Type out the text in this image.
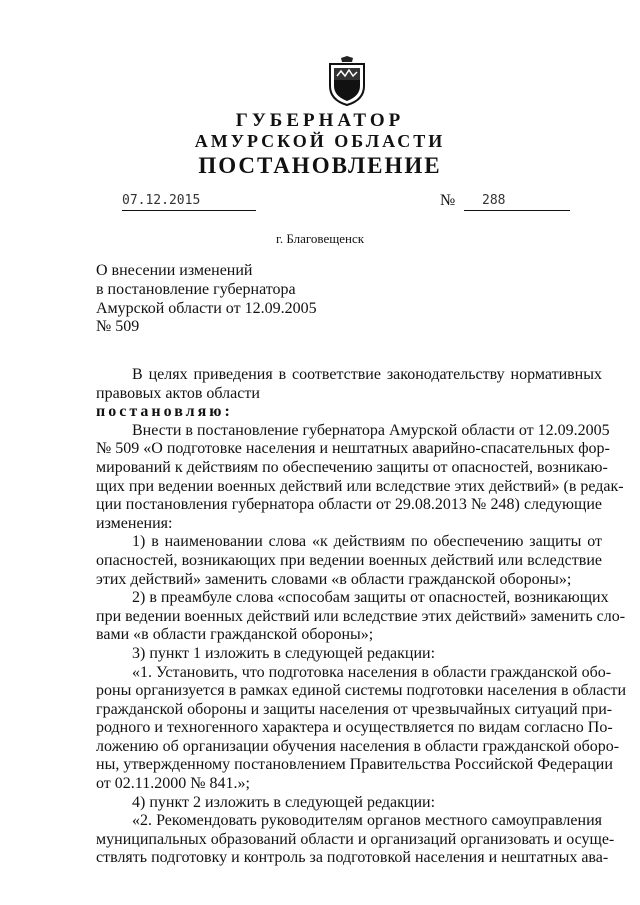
ГУБЕРНАТОР
АМУРСКОЙ ОБЛАСТИ
ПОСТАНОВЛЕНИЕ
07.12.2015	№	288
г. Благовещенск
О внесении изменений
в постановление губернатора
Амурской области от 12.09.2005
№ 509
В целях приведения в соответствие законодательству нормативных
правовых актов области
постановляю:
Внести в постановление губернатора Амурской области от 12.09.2005
№ 509 «О подготовке населения и нештатных аварийно-спасательных фор-
мирований к действиям по обеспечению защиты от опасностей, возникаю-
щих при ведении военных действий или вследствие этих действий» (в редак-
ции постановления губернатора области от 29.08.2013 № 248) следующие
изменения:
1) в наименовании слова «к действиям по обеспечению защиты от
опасностей, возникающих при ведении военных действий или вследствие
этих действий» заменить словами «в области гражданской обороны»;
2) в преамбуле слова «способам защиты от опасностей, возникающих
при ведении военных действий или вследствие этих действий» заменить сло-
вами «в области гражданской обороны»;
3) пункт 1 изложить в следующей редакции:
«1. Установить, что подготовка населения в области гражданской обо-
роны организуется в рамках единой системы подготовки населения в области
гражданской обороны и защиты населения от чрезвычайных ситуаций при-
родного и техногенного характера и осуществляется по видам согласно По-
ложению об организации обучения населения в области гражданской оборо-
ны, утвержденному постановлением Правительства Российской Федерации
от 02.11.2000 № 841.»;
4) пункт 2 изложить в следующей редакции:
«2. Рекомендовать руководителям органов местного самоуправления
муниципальных образований области и организаций организовать и осуще-
ствлять подготовку и контроль за подготовкой населения и нештатных ава-
